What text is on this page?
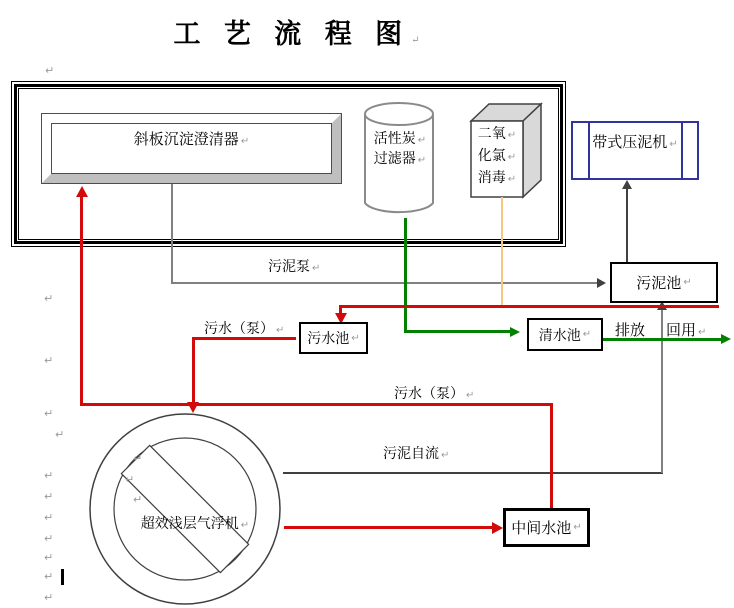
工 艺 流 程 图 ↵
斜板沉淀澄清器 ↵	活性炭 ↵
过滤器 ↵
二氧 ↵
化氯 ↵
消毒 ↵
带式压泥机 ↵
污泥池 ↵
污水池 ↵	清水池 ↵
中间水池 ↵
超效浅层气浮机 ↵
污泥泵 ↵
污水（泵） ↵
污水（泵） ↵
污泥自流 ↵
排放 回用 ↵
↵
↵
↵
↵
↵
↵
↵
↵
↵
↵
↵
↵
↵
↵
↵
